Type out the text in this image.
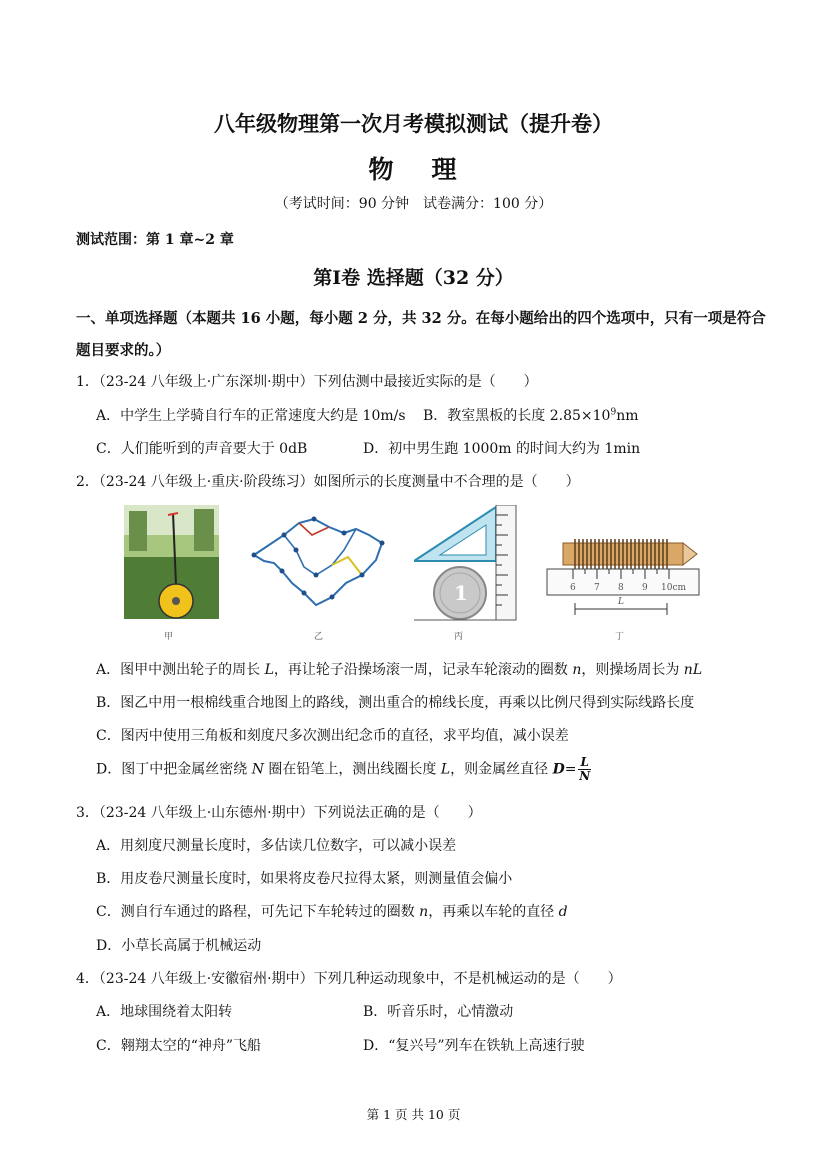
八年级物理第一次月考模拟测试（提升卷）
物 理
（考试时间：90 分钟　试卷满分：100 分）
测试范围：第 1 章~2 章
第Ⅰ卷 选择题（32 分）
一、单项选择题（本题共 16 小题，每小题 2 分，共 32 分。在每小题给出的四个选项中，只有一项是符合题目要求的。）
1．（23-24 八年级上·广东深圳·期中）下列估测中最接近实际的是（　　）
A．中学生上学骑自行车的正常速度大约是 10m/s B．教室黑板的长度 $2.85\times 10^9nm$
C．人们能听到的声音要大于 0dB	D．初中男生跑 1000m 的时间大约为 1min
2．（23-24 八年级上·重庆·阶段练习）如图所示的长度测量中不合理的是（　　）
甲	乙
1
丙
6 7 8 9 10cm
L
丁
A．图甲中测出轮子的周长 L，再让轮子沿操场滚一周，记录车轮滚动的圈数 n，则操场周长为 nL
B．图乙中用一根棉线重合地图上的路线，测出重合的棉线长度，再乘以比例尺得到实际线路长度
C．图丙中使用三角板和刻度尺多次测出纪念币的直径，求平均值，减小误差
D．图丁中把金属丝密绕 N 圈在铅笔上，测出线圈长度 L，则金属丝直径 $D= \frac{L}{N}$
3．（23-24 八年级上·山东德州·期中）下列说法正确的是（　　）
A．用刻度尺测量长度时，多估读几位数字，可以减小误差
B．用皮卷尺测量长度时，如果将皮卷尺拉得太紧，则测量值会偏小
C．测自行车通过的路程，可先记下车轮转过的圈数 n，再乘以车轮的直径 d
D．小草长高属于机械运动
4．（23-24 八年级上·安徽宿州·期中）下列几种运动现象中，不是机械运动的是（　　）
A．地球围绕着太阳转	B．听音乐时，心情激动
C．翱翔太空的“神舟”飞船	D．“复兴号”列车在铁轨上高速行驶
第 1 页 共 10 页
